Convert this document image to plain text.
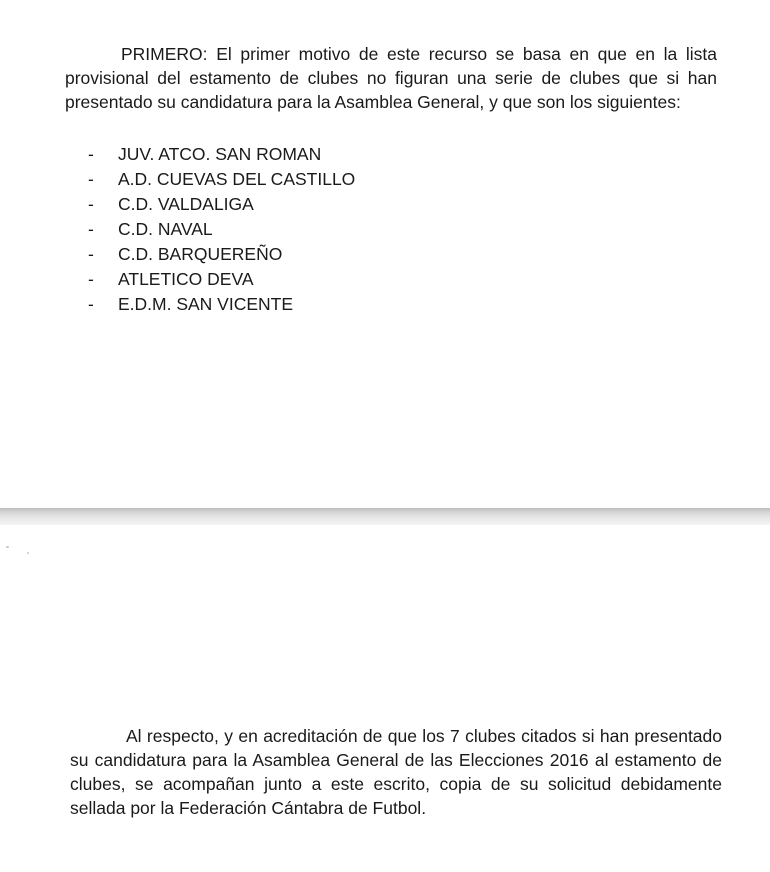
PRIMERO: El primer motivo de este recurso se basa en que en la lista provisional del estamento de clubes no figuran una serie de clubes que si han presentado su candidatura para la Asamblea General, y que son los siguientes:

-	JUV. ATCO. SAN ROMAN
-	A.D. CUEVAS DEL CASTILLO
-	C.D. VALDALIGA
-	C.D. NAVAL
-	C.D. BARQUEREÑO
-	ATLETICO DEVA
-	E.D.M. SAN VICENTE

Al respecto, y en acreditación de que los 7 clubes citados si han presentado su candidatura para la Asamblea General de las Elecciones 2016 al estamento de clubes, se acompañan junto a este escrito, copia de su solicitud debidamente sellada por la Federación Cántabra de Futbol.
